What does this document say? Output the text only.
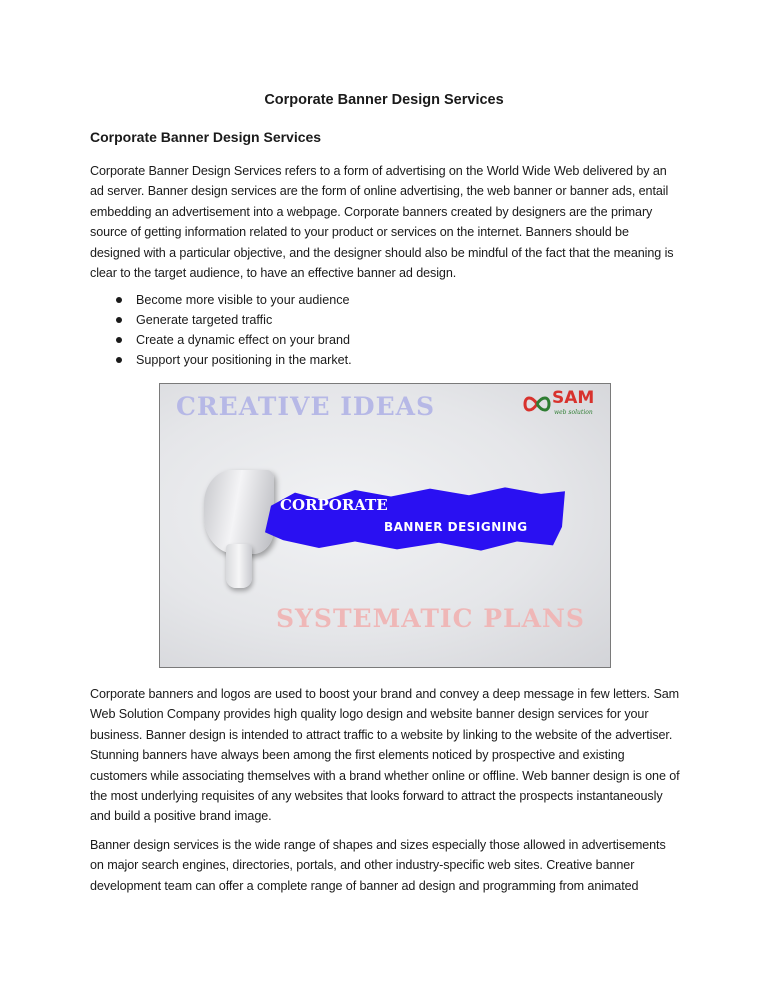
Corporate Banner Design Services
Corporate Banner Design Services

Corporate Banner Design Services refers to a form of advertising on the World Wide Web delivered by an ad server. Banner design services are the form of online advertising, the web banner or banner ads, entail embedding an advertisement into a webpage. Corporate banners created by designers are the primary source of getting information related to your product or services on the internet. Banners should be designed with a particular objective, and the designer should also be mindful of the fact that the meaning is clear to the target audience, to have an effective banner ad design.

Become more visible to your audience
Generate targeted traffic
Create a dynamic effect on your brand
Support your positioning in the market.

CREATIVE IDEAS

CORPORATE

BANNER DESIGNING

SYSTEMATIC PLANS

SAM

web solution

Corporate banners and logos are used to boost your brand and convey a deep message in few letters. Sam Web Solution Company provides high quality logo design and website banner design services for your business. Banner design is intended to attract traffic to a website by linking to the website of the advertiser. Stunning banners have always been among the first elements noticed by prospective and existing customers while associating themselves with a brand whether online or offline. Web banner design is one of the most underlying requisites of any websites that looks forward to attract the prospects instantaneously and build a positive brand image.

Banner design services is the wide range of shapes and sizes especially those allowed in advertisements on major search engines, directories, portals, and other industry-specific web sites. Creative banner development team can offer a complete range of banner ad design and programming from animated
